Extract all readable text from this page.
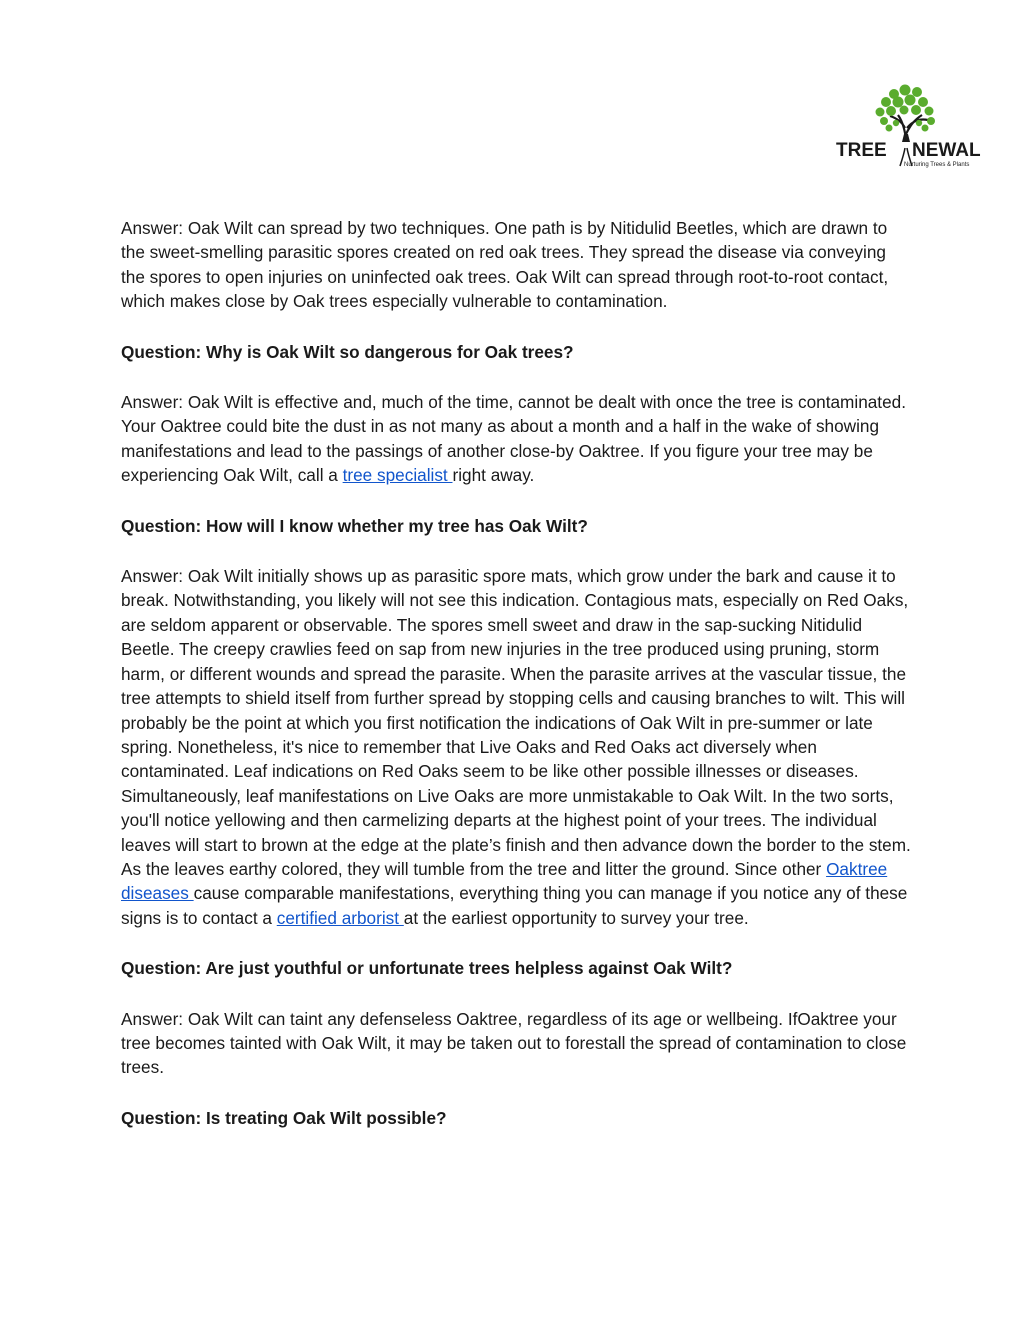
TREE NEWAL
Nurturing Trees & Plants

Answer: Oak Wilt can spread by two techniques. One path is by Nitidulid Beetles, which are drawn to the sweet-smelling parasitic spores created on red oak trees. They spread the disease via conveying the spores to open injuries on uninfected oak trees. Oak Wilt can spread through root-to-root contact, which makes close by Oak trees especially vulnerable to contamination.

Question: Why is Oak Wilt so dangerous for Oak trees?

Answer: Oak Wilt is effective and, much of the time, cannot be dealt with once the tree is contaminated. Your Oaktree could bite the dust in as not many as about a month and a half in the wake of showing manifestations and lead to the passings of another close-by Oaktree. If you figure your tree may be experiencing Oak Wilt, call a tree specialist right away.

Question: How will I know whether my tree has Oak Wilt?

Answer: Oak Wilt initially shows up as parasitic spore mats, which grow under the bark and cause it to break. Notwithstanding, you likely will not see this indication. Contagious mats, especially on Red Oaks, are seldom apparent or observable. The spores smell sweet and draw in the sap-sucking Nitidulid Beetle. The creepy crawlies feed on sap from new injuries in the tree produced using pruning, storm harm, or different wounds and spread the parasite. When the parasite arrives at the vascular tissue, the tree attempts to shield itself from further spread by stopping cells and causing branches to wilt. This will probably be the point at which you first notification the indications of Oak Wilt in pre-summer or late spring. Nonetheless, it's nice to remember that Live Oaks and Red Oaks act diversely when contaminated. Leaf indications on Red Oaks seem to be like other possible illnesses or diseases. Simultaneously, leaf manifestations on Live Oaks are more unmistakable to Oak Wilt. In the two sorts, you'll notice yellowing and then carmelizing departs at the highest point of your trees. The individual leaves will start to brown at the edge at the plate’s finish and then advance down the border to the stem. As the leaves earthy colored, they will tumble from the tree and litter the ground. Since other Oaktree diseases cause comparable manifestations, everything thing you can manage if you notice any of these signs is to contact a certified arborist at the earliest opportunity to survey your tree.

Question: Are just youthful or unfortunate trees helpless against Oak Wilt?

Answer: Oak Wilt can taint any defenseless Oaktree, regardless of its age or wellbeing. IfOaktree your tree becomes tainted with Oak Wilt, it may be taken out to forestall the spread of contamination to close trees.

Question: Is treating Oak Wilt possible?
